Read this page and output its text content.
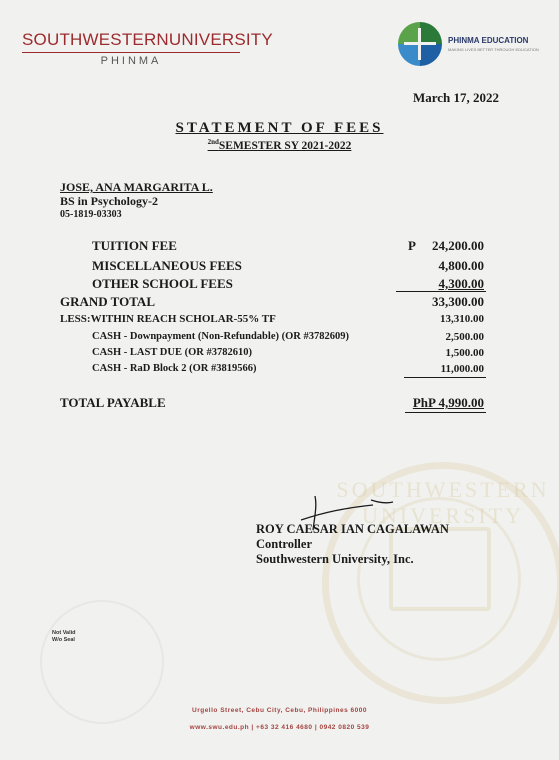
SOUTHWESTERN UNIVERSITY
SOUTHWESTERNUNIVERSITY
PHINMA
PHINMA EDUCATION
MAKING LIVES BETTER THROUGH EDUCATION
March 17, 2022
STATEMENT OF FEES
$^{2nd}$SEMESTER SY 2021-2022
JOSE, ANA MARGARITA L.
BS in Psychology-2
05-1819-03303
P
TUITION FEE	24,200.00
MISCELLANEOUS FEES	4,800.00
OTHER SCHOOL FEES	4,300.00
GRAND TOTAL	33,300.00
LESS:WITHIN REACH SCHOLAR-55% TF	13,310.00
CASH - Downpayment (Non-Refundable) (OR #3782609)	2,500.00
CASH - LAST DUE (OR #3782610)	1,500.00
CASH - RaD Block 2 (OR #3819566)	11,000.00
TOTAL PAYABLE	PhP 4,990.00
ROY CAESAR IAN CAGALAWAN
Controller
Southwestern University, Inc.
Not Valid
W/o Seal
Urgello Street, Cebu City, Cebu, Philippines 6000
www.swu.edu.ph | +63 32 416 4680 | 0942 0820 539
